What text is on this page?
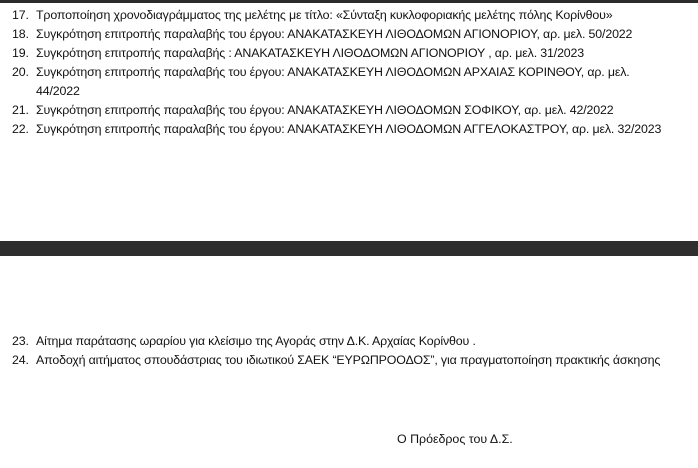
17. Τροποποίηση χρονοδιαγράμματος της μελέτης με τίτλο: «Σύνταξη κυκλοφοριακής μελέτης πόλης Κορίνθου»
18. Συγκρότηση επιτροπής παραλαβής του έργου: ΑΝΑΚΑΤΑΣΚΕΥΗ ΛΙΘΟΔΟΜΩΝ ΑΓΙΟΝΟΡΙΟΥ, αρ. μελ. 50/2022
19. Συγκρότηση επιτροπής παραλαβής : ΑΝΑΚΑΤΑΣΚΕΥΗ ΛΙΘΟΔΟΜΩΝ ΑΓΙΟΝΟΡΙΟΥ , αρ. μελ. 31/2023
20. Συγκρότηση επιτροπής παραλαβής του έργου: ΑΝΑΚΑΤΑΣΚΕΥΗ ΛΙΘΟΔΟΜΩΝ ΑΡΧΑΙΑΣ ΚΟΡΙΝΘΟΥ, αρ. μελ. 44/2022
21. Συγκρότηση επιτροπής παραλαβής του έργου: ΑΝΑΚΑΤΑΣΚΕΥΗ ΛΙΘΟΔΟΜΩΝ ΣΟΦΙΚΟΥ, αρ. μελ. 42/2022
22. Συγκρότηση επιτροπής παραλαβής του έργου: ΑΝΑΚΑΤΑΣΚΕΥΗ ΛΙΘΟΔΟΜΩΝ ΑΓΓΕΛΟΚΑΣΤΡΟΥ, αρ. μελ. 32/2023
23. Αίτημα παράτασης ωραρίου για κλείσιμο της Αγοράς στην Δ.Κ. Αρχαίας Κορίνθου .
24. Αποδοχή αιτήματος σπουδάστριας του ιδιωτικού ΣΑΕΚ “ΕΥΡΩΠΡΟΟΔΟΣ”, για πραγματοποίηση πρακτικής άσκησης
Ο Πρόεδρος του Δ.Σ.
